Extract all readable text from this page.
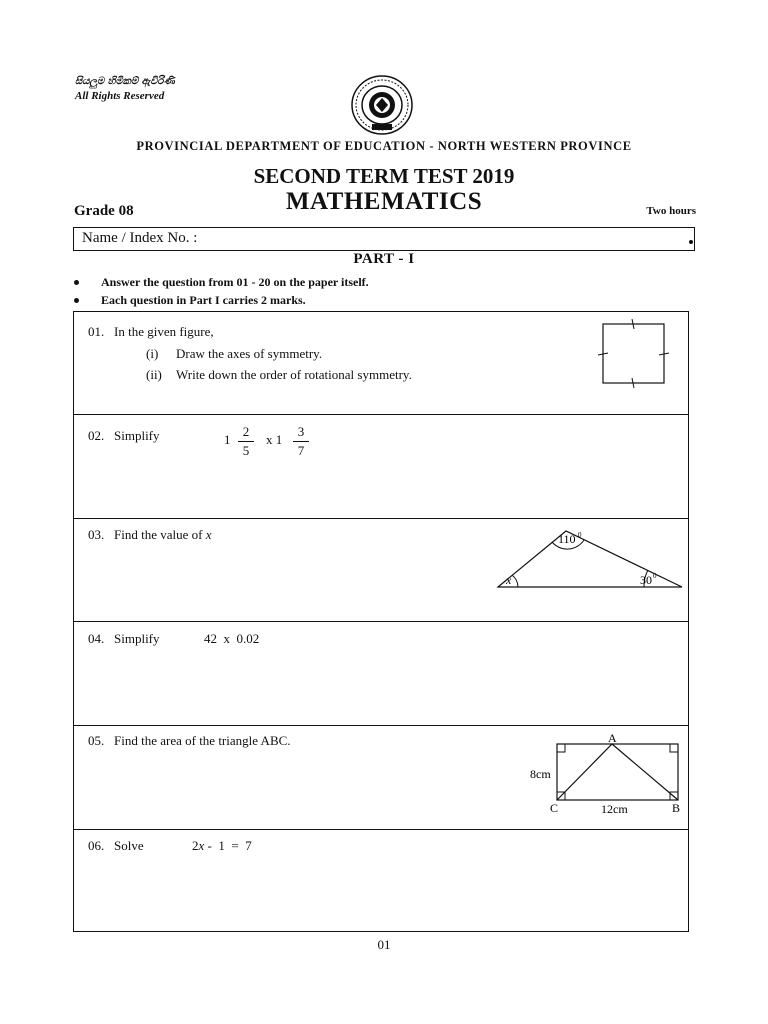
සියලුම හිමිකම් ඇවිරිණි
All Rights Reserved
PROVINCIAL DEPARTMENT OF EDUCATION - NORTH WESTERN PROVINCE
SECOND TERM TEST 2019
MATHEMATICS
Grade 08	Two hours
Name / Index No. :
PART - I
Answer the question from 01 - 20 on the paper itself.
Each question in Part I carries 2 marks.
01. In the given figure,
(i) Draw the axes of symmetry.
(ii) Write down the order of rotational symmetry.
02. Simplify	1
2
5
x 1
3
7
03. Find the value of x	110 0
x	30 0
04. Simplify	42  x  0.02
05. Find the area of the triangle ABC.	A
C	B
8cm
12cm
06. Solve	2x -  1  =  7
01
